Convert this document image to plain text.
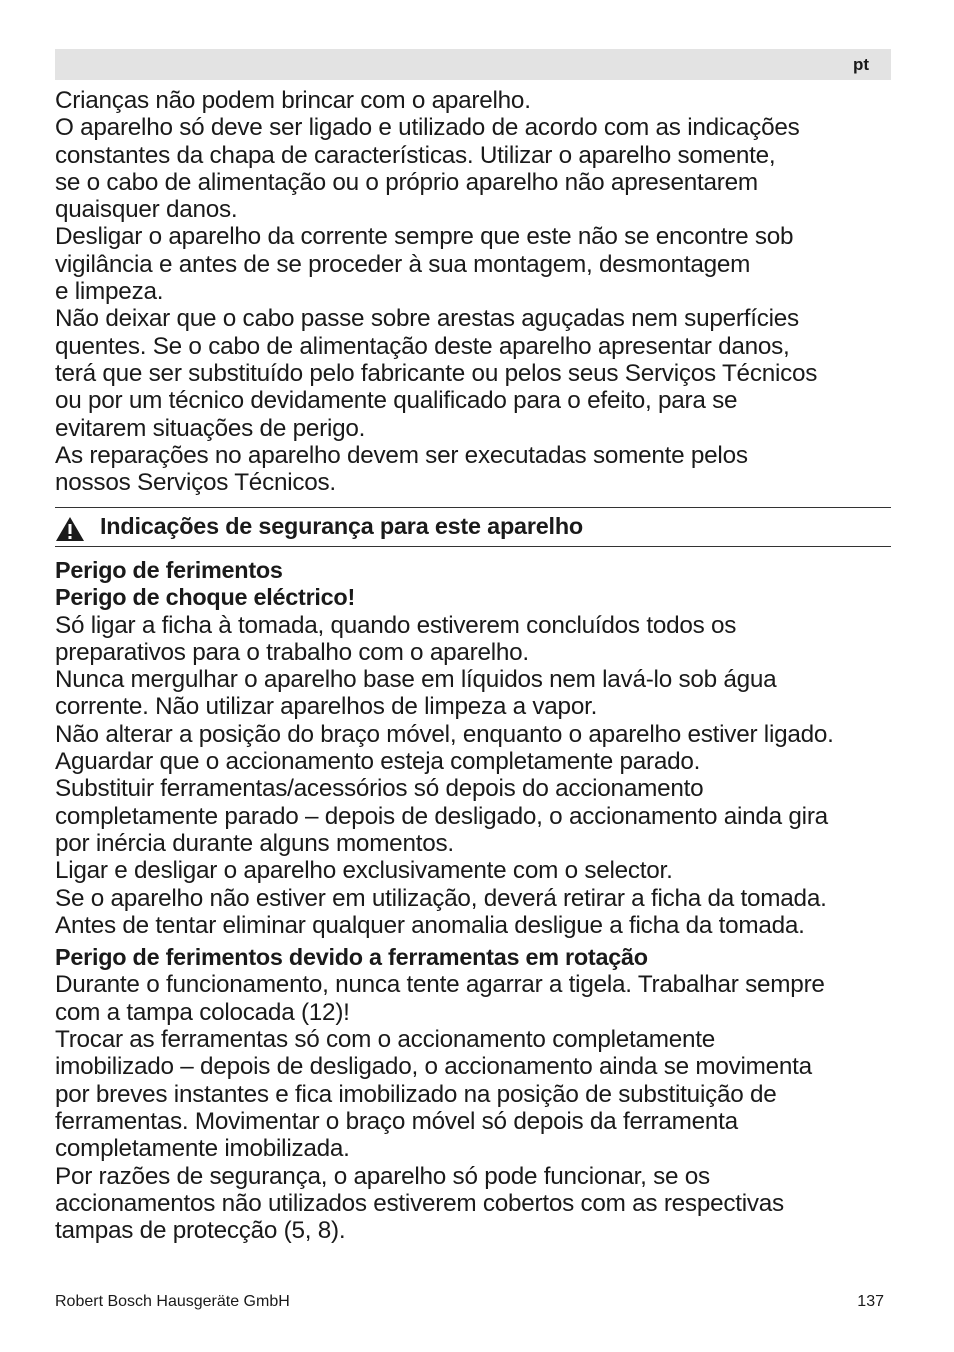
pt

Crianças não podem brincar com o aparelho.

O aparelho só deve ser ligado e utilizado de acordo com as indicações

constantes da chapa de características. Utilizar o aparelho somente,

se o cabo de alimentação ou o próprio aparelho não apresentarem

quaisquer danos.

Desligar o aparelho da corrente sempre que este não se encontre sob

vigilância e antes de se proceder à sua montagem, desmontagem

e limpeza.

Não deixar que o cabo passe sobre arestas aguçadas nem superfícies

quentes. Se o cabo de alimentação deste aparelho apresentar danos,

terá que ser substituído pelo fabricante ou pelos seus Serviços Técnicos

ou por um técnico devidamente qualificado para o efeito, para se

evitarem situações de perigo.

As reparações no aparelho devem ser executadas somente pelos

nossos Serviços Técnicos.

Indicações de segurança para este aparelho

Perigo de ferimentos

Perigo de choque eléctrico!

Só ligar a ficha à tomada, quando estiverem concluídos todos os

preparativos para o trabalho com o aparelho.

Nunca mergulhar o aparelho base em líquidos nem lavá-lo sob água

corrente. Não utilizar aparelhos de limpeza a vapor.

Não alterar a posição do braço móvel, enquanto o aparelho estiver ligado.

Aguardar que o accionamento esteja completamente parado.

Substituir ferramentas/acessórios só depois do accionamento

completamente parado – depois de desligado, o accionamento ainda gira

por inércia durante alguns momentos.

Ligar e desligar o aparelho exclusivamente com o selector.

Se o aparelho não estiver em utilização, deverá retirar a ficha da tomada.

Antes de tentar eliminar qualquer anomalia desligue a ficha da tomada.

Perigo de ferimentos devido a ferramentas em rotação

Durante o funcionamento, nunca tente agarrar a tigela. Trabalhar sempre

com a tampa colocada (12)!

Trocar as ferramentas só com o accionamento completamente

imobilizado – depois de desligado, o accionamento ainda se movimenta

por breves instantes e fica imobilizado na posição de substituição de

ferramentas. Movimentar o braço móvel só depois da ferramenta

completamente imobilizada.

Por razões de segurança, o aparelho só pode funcionar, se os

accionamentos não utilizados estiverem cobertos com as respectivas

tampas de protecção (5, 8).

Robert Bosch Hausgeräte GmbH	137
